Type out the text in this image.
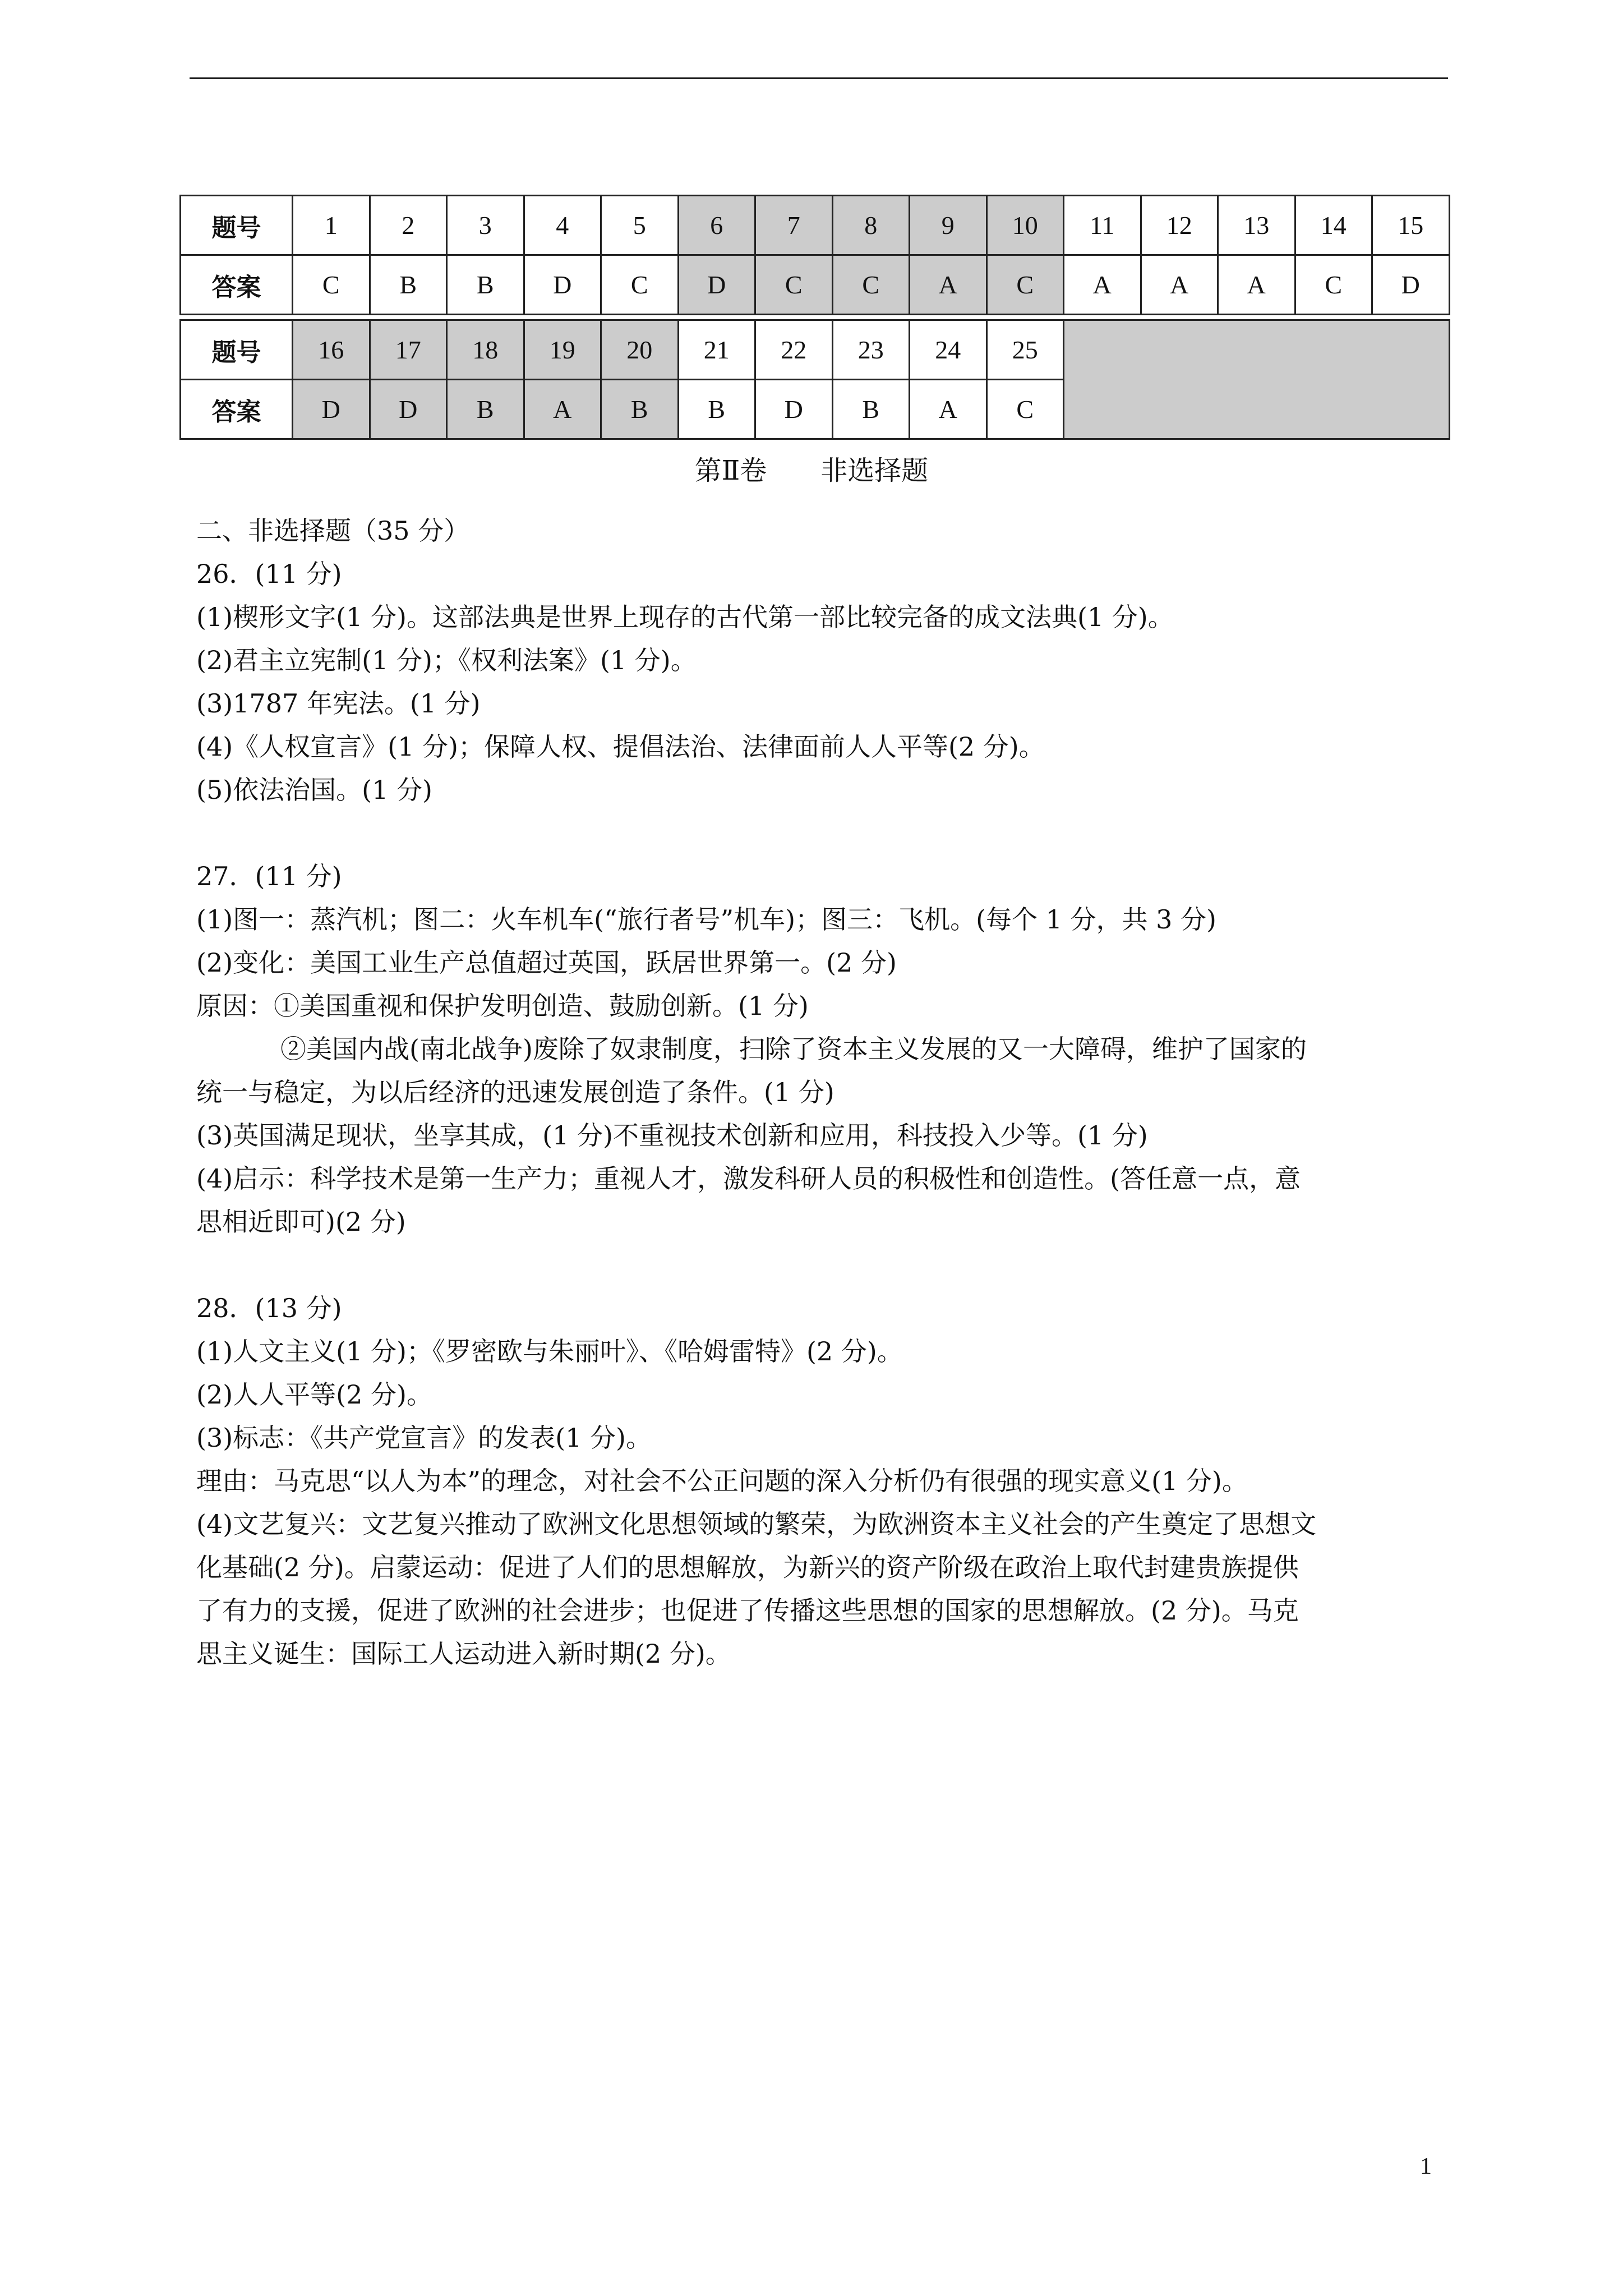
题号	1	2	3	4	5	6	7	8	9	10	11	12	13	14	15
答案	C	B	B	D	C	D	C	C	A	C	A	A	A	C	D
题号	16	17	18	19	20	21	22	23	24	25	
答案	D	D	B	A	B	B	D	B	A	C	
第Ⅱ卷　　非选择题

二、非选择题（35 分）

26．(11 分)

(1)楔形文字(1 分)。这部法典是世界上现存的古代第一部比较完备的成文法典(1 分)。

(2)君主立宪制(1 分)；《权利法案》(1 分)。

(3)1787 年宪法。(1 分)

(4)《人权宣言》(1 分)；保障人权、提倡法治、法律面前人人平等(2 分)。

(5)依法治国。(1 分)

27．(11 分)

(1)图一：蒸汽机；图二：火车机车(“旅行者号”机车)；图三：飞机。(每个 1 分，共 3 分)

(2)变化：美国工业生产总值超过英国，跃居世界第一。(2 分)

原因：①美国重视和保护发明创造、鼓励创新。(1 分)

②美国内战(南北战争)废除了奴隶制度，扫除了资本主义发展的又一大障碍，维护了国家的

统一与稳定，为以后经济的迅速发展创造了条件。(1 分)

(3)英国满足现状，坐享其成，(1 分)不重视技术创新和应用，科技投入少等。(1 分)

(4)启示：科学技术是第一生产力；重视人才，激发科研人员的积极性和创造性。(答任意一点，意

思相近即可)(2 分)

28．(13 分)

(1)人文主义(1 分)；《罗密欧与朱丽叶》、《哈姆雷特》(2 分)。

(2)人人平等(2 分)。

(3)标志：《共产党宣言》的发表(1 分)。

理由：马克思“以人为本”的理念，对社会不公正问题的深入分析仍有很强的现实意义(1 分)。

(4)文艺复兴：文艺复兴推动了欧洲文化思想领域的繁荣，为欧洲资本主义社会的产生奠定了思想文

化基础(2 分)。启蒙运动：促进了人们的思想解放，为新兴的资产阶级在政治上取代封建贵族提供

了有力的支援，促进了欧洲的社会进步；也促进了传播这些思想的国家的思想解放。(2 分)。马克

思主义诞生：国际工人运动进入新时期(2 分)。

1
